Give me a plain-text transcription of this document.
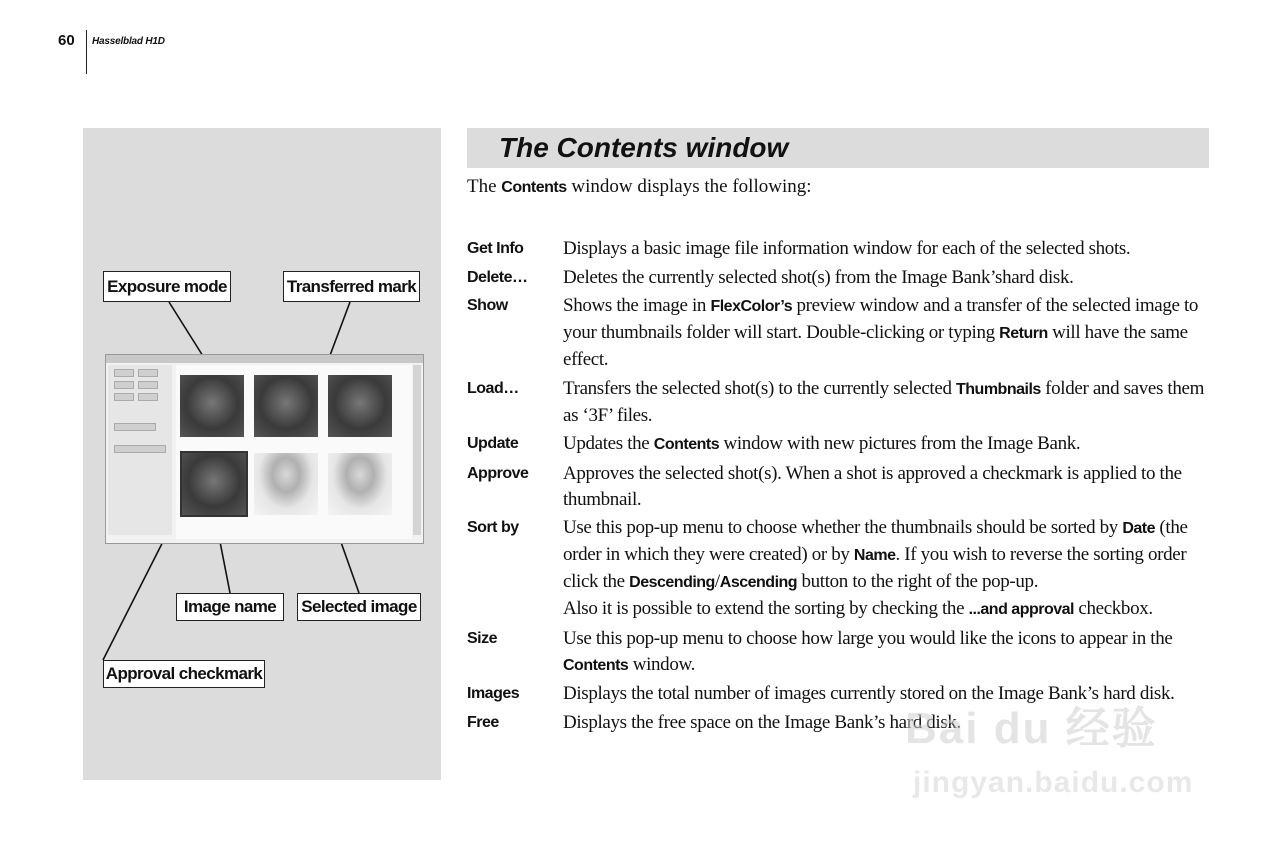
60 Hasselblad H1D
Exposure mode	Transferred mark
Image name	Selected image
Approval checkmark
The Contents window
The Contents window displays the following:
Get Info	Displays a basic image file information window for each of the selected shots.
Delete…	Deletes the currently selected shot(s) from the Image Bank’shard disk.
Show	Shows the image in FlexColor’s preview window and a transfer of the selected image to your thumbnails folder will start. Double-clicking or typing Return will have the same effect.
Load…	Transfers the selected shot(s) to the currently selected Thumbnails folder and saves them as ‘3F’ files.
Update	Updates the Contents window with new pictures from the Image Bank.
Approve	Approves the selected shot(s). When a shot is approved a checkmark is applied to the thumbnail.
Sort by	Use this pop-up menu to choose whether the thumbnails should be sorted by Date (the order in which they were created) or by Name. If you wish to reverse the sorting order click the Descending/Ascending button to the right of the pop-up.
Also it is possible to extend the sorting by checking the ...and approval checkbox.
Size	Use this pop-up menu to choose how large you would like the icons to appear in the Contents window.
Images	Displays the total number of images currently stored on the Image Bank’s hard disk.
Free	Displays the free space on the Image Bank’s hard disk.
Bai du 经验
jingyan.baidu.com
